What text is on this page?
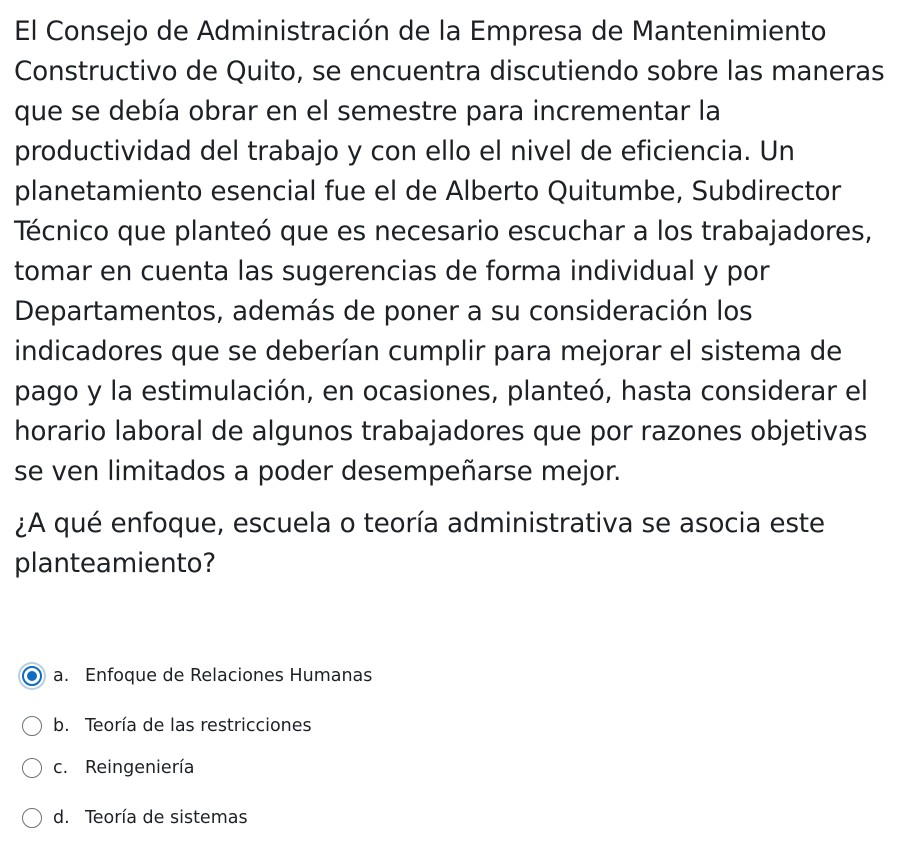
El Consejo de Administración de la Empresa de Mantenimiento Constructivo de Quito, se encuentra discutiendo sobre las maneras que se debía obrar en el semestre para incrementar la productividad del trabajo y con ello el nivel de eficiencia. Un planetamiento esencial fue el de Alberto Quitumbe, Subdirector Técnico que planteó que es necesario escuchar a los trabajadores, tomar en cuenta las sugerencias de forma individual y por Departamentos, además de poner a su consideración los indicadores que se deberían cumplir para mejorar el sistema de pago y la estimulación, en ocasiones, planteó, hasta considerar el horario laboral de algunos trabajadores que por razones objetivas se ven limitados a poder desempeñarse mejor.

¿A qué enfoque, escuela o teoría administrativa se asocia este planteamiento?

a. Enfoque de Relaciones Humanas
b. Teoría de las restricciones
c. Reingeniería
d. Teoría de sistemas
